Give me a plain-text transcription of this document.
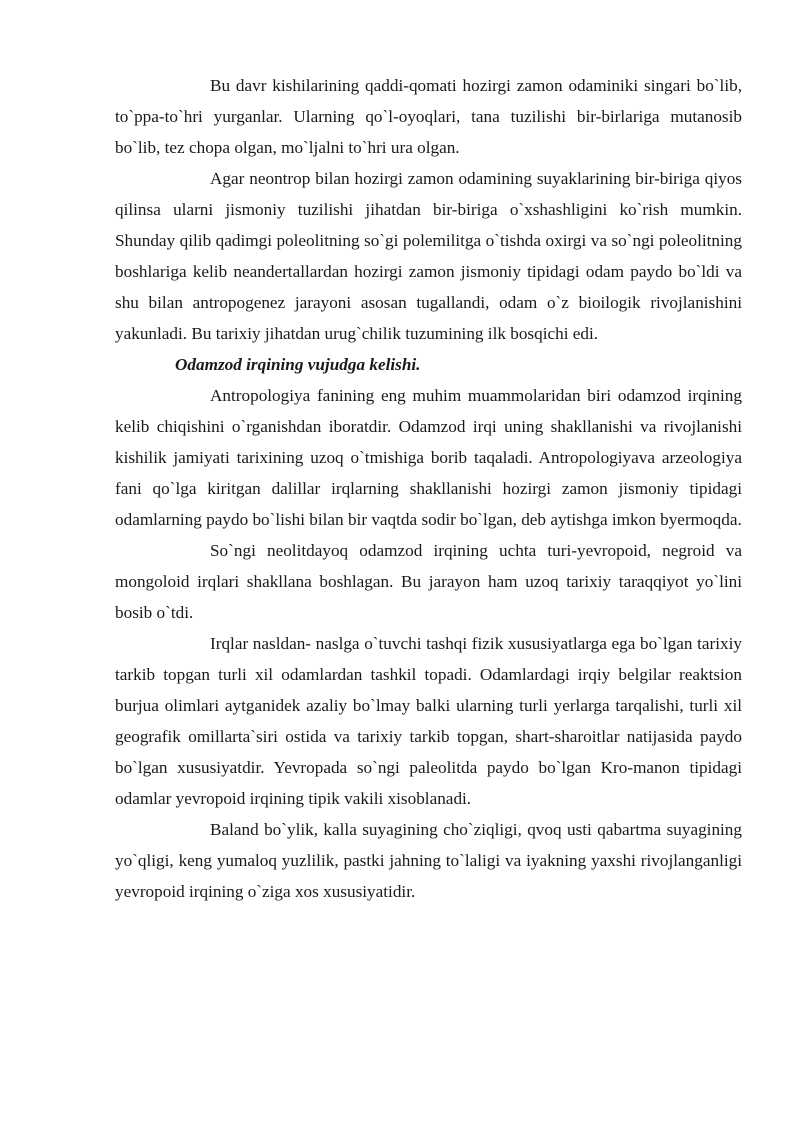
Bu davr kishilarining qaddi-qomati hozirgi zamon odaminiki singari bo`lib, to`ppa-to`hri yurganlar. Ularning qo`l-oyoqlari, tana tuzilishi bir-birlariga mutanosib bo`lib, tez chopa olgan, mo`ljalni to`hri ura olgan.

Agar neontrop bilan hozirgi zamon odamining suyaklarining bir-biriga qiyos qilinsa ularni jismoniy tuzilishi jihatdan bir-biriga o`xshashligini ko`rish mumkin. Shunday qilib qadimgi poleolitning so`gi polemilitga o`tishda oxirgi va so`ngi poleolitning boshlariga kelib neandertallardan hozirgi zamon jismoniy tipidagi odam paydo bo`ldi va shu bilan antropogenez jarayoni asosan tugallandi, odam o`z bioilogik rivojlanishini yakunladi. Bu tarixiy jihatdan urug`chilik tuzumining ilk bosqichi edi.

Odamzod irqining vujudga kelishi.

Antropologiya fanining eng muhim muammolaridan biri odamzod irqining kelib chiqishini o`rganishdan iboratdir. Odamzod irqi uning shakllanishi va rivojlanishi kishilik jamiyati tarixining uzoq o`tmishiga borib taqaladi. Antropologiyava arzeologiya fani qo`lga kiritgan dalillar irqlarning shakllanishi hozirgi zamon jismoniy tipidagi odamlarning paydo bo`lishi bilan bir vaqtda sodir bo`lgan, deb aytishga imkon byermoqda.

So`ngi neolitdayoq odamzod irqining uchta turi-yevropoid, negroid va mongoloid irqlari shakllana boshlagan. Bu jarayon ham uzoq tarixiy taraqqiyot yo`lini bosib o`tdi.

Irqlar nasldan- naslga o`tuvchi tashqi fizik xususiyatlarga ega bo`lgan tarixiy tarkib topgan turli xil odamlardan tashkil topadi. Odamlardagi irqiy belgilar reaktsion burjua olimlari aytganidek azaliy bo`lmay balki ularning turli yerlarga tarqalishi, turli xil geografik omillarta`siri ostida va tarixiy tarkib topgan, shart-sharoitlar natijasida paydo bo`lgan xususiyatdir. Yevropada so`ngi paleolitda paydo bo`lgan Kro-manon tipidagi odamlar yevropoid irqining tipik vakili xisoblanadi.

Baland bo`ylik, kalla suyagining cho`ziqligi, qvoq usti qabartma suyagining yo`qligi, keng yumaloq yuzlilik, pastki jahning to`laligi va iyakning yaxshi rivojlanganligi yevropoid irqining o`ziga xos xususiyatidir.
